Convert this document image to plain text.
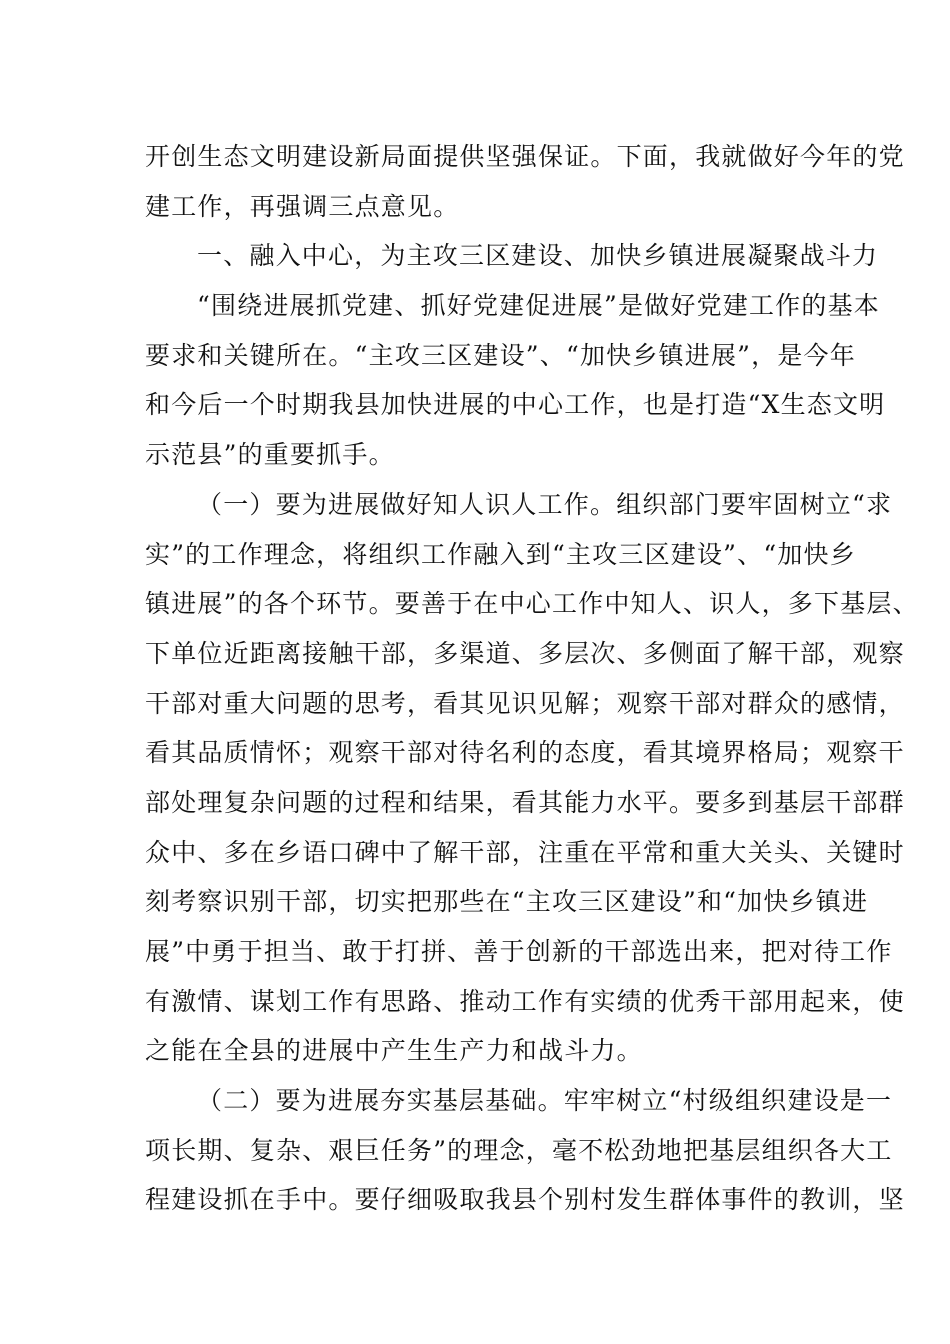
开创生态文明建设新局面提供坚强保证。下面，我就做好今年的党
建工作，再强调三点意见。
一、融入中心，为主攻三区建设、加快乡镇进展凝聚战斗力
“围绕进展抓党建、抓好党建促进展”是做好党建工作的基本
要求和关键所在。“主攻三区建设”、“加快乡镇进展”，是今年
和今后一个时期我县加快进展的中心工作，也是打造“X生态文明
示范县”的重要抓手。
（一）要为进展做好知人识人工作。组织部门要牢固树立“求
实”的工作理念，将组织工作融入到“主攻三区建设”、“加快乡
镇进展”的各个环节。要善于在中心工作中知人、识人，多下基层、
下单位近距离接触干部，多渠道、多层次、多侧面了解干部，观察
干部对重大问题的思考，看其见识见解；观察干部对群众的感情，
看其品质情怀；观察干部对待名利的态度，看其境界格局；观察干
部处理复杂问题的过程和结果，看其能力水平。要多到基层干部群
众中、多在乡语口碑中了解干部，注重在平常和重大关头、关键时
刻考察识别干部，切实把那些在“主攻三区建设”和“加快乡镇进
展”中勇于担当、敢于打拼、善于创新的干部选出来，把对待工作
有激情、谋划工作有思路、推动工作有实绩的优秀干部用起来，使
之能在全县的进展中产生生产力和战斗力。
（二）要为进展夯实基层基础。牢牢树立“村级组织建设是一
项长期、复杂、艰巨任务”的理念，毫不松劲地把基层组织各大工
程建设抓在手中。要仔细吸取我县个别村发生群体事件的教训，坚
